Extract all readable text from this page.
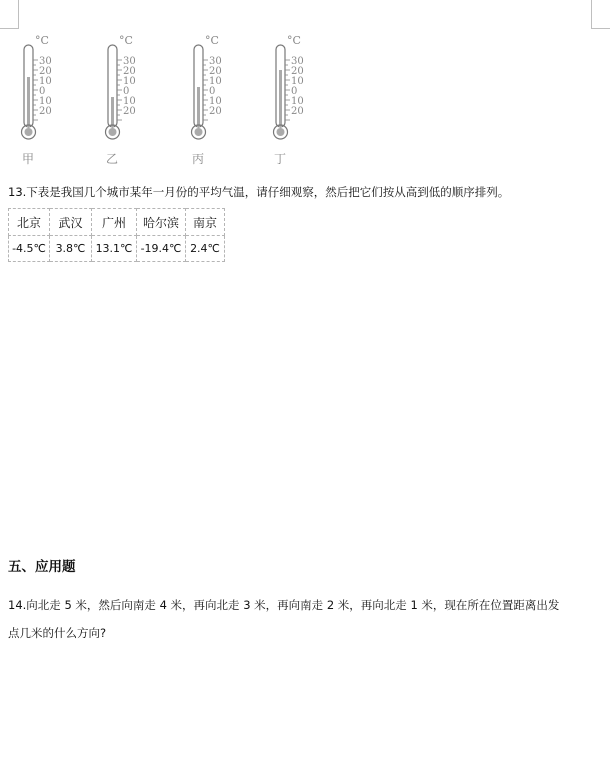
°C
30
20
10
0
10
20
甲
°C
30
20
10
0
10
20
乙
°C
30
20
10
0
10
20
丙
°C
30
20
10
0
10
20
丁
13.下表是我国几个城市某年一月份的平均气温，请仔细观察，然后把它们按从高到低的顺序排列。
北京	武汉	广州	哈尔滨	南京
-4.5℃	3.8℃	13.1℃	-19.4℃	2.4℃
五、应用题
14.向北走 5 米，然后向南走 4 米，再向北走 3 米，再向南走 2 米，再向北走 1 米，现在所在位置距离出发
点几米的什么方向?
